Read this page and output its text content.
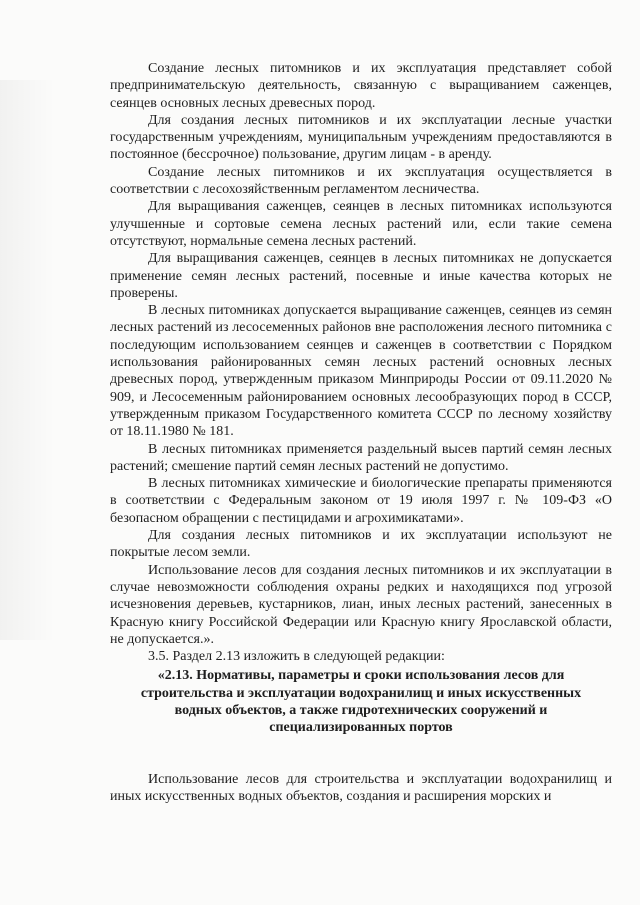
Создание лесных питомников и их эксплуатация представляет собой предпринимательскую деятельность, связанную с выращиванием саженцев, сеянцев основных лесных древесных пород.

Для создания лесных питомников и их эксплуатации лесные участки государственным учреждениям, муниципальным учреждениям предоставляются в постоянное (бессрочное) пользование, другим лицам - в аренду.

Создание лесных питомников и их эксплуатация осуществляется в соответствии с лесохозяйственным регламентом лесничества.

Для выращивания саженцев, сеянцев в лесных питомниках используются улучшенные и сортовые семена лесных растений или, если такие семена отсутствуют, нормальные семена лесных растений.

Для выращивания саженцев, сеянцев в лесных питомниках не допускается применение семян лесных растений, посевные и иные качества которых не проверены.

В лесных питомниках допускается выращивание саженцев, сеянцев из семян лесных растений из лесосеменных районов вне расположения лесного питомника с последующим использованием сеянцев и саженцев в соответствии с Порядком использования районированных семян лесных растений основных лесных древесных пород, утвержденным приказом Минприроды России от 09.11.2020 № 909, и Лесосеменным районированием основных лесообразующих пород в СССР, утвержденным приказом Государственного комитета СССР по лесному хозяйству от 18.11.1980 № 181.

В лесных питомниках применяется раздельный высев партий семян лесных растений; смешение партий семян лесных растений не допустимо.

В лесных питомниках химические и биологические препараты применяются в соответствии с Федеральным законом от 19 июля 1997 г. № 109-ФЗ «О безопасном обращении с пестицидами и агрохимикатами».

Для создания лесных питомников и их эксплуатации используют не покрытые лесом земли.

Использование лесов для создания лесных питомников и их эксплуатации в случае невозможности соблюдения охраны редких и находящихся под угрозой исчезновения деревьев, кустарников, лиан, иных лесных растений, занесенных в Красную книгу Российской Федерации или Красную книгу Ярославской области, не допускается.».

3.5. Раздел 2.13 изложить в следующей редакции:

«2.13. Нормативы, параметры и сроки использования лесов для строительства и эксплуатации водохранилищ и иных искусственных водных объектов, а также гидротехнических сооружений и специализированных портов

Использование лесов для строительства и эксплуатации водохранилищ и иных искусственных водных объектов, создания и расширения морских и
